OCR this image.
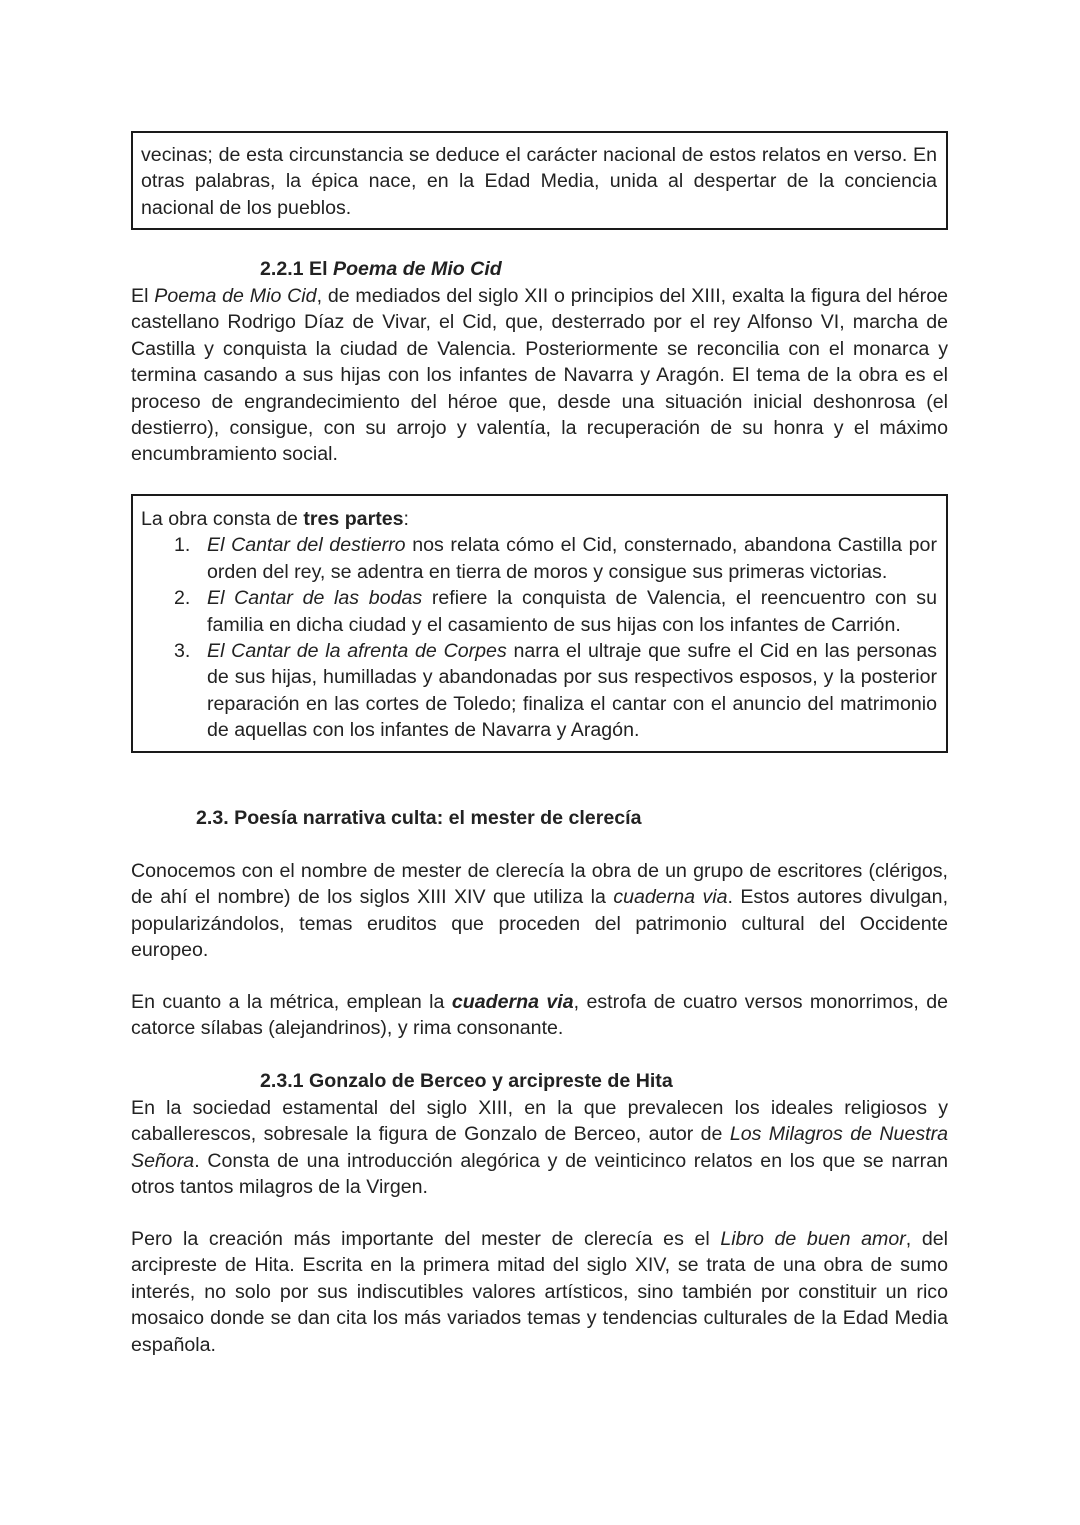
vecinas; de esta circunstancia se deduce el carácter nacional de estos relatos en verso. En otras palabras, la épica nace, en la Edad Media, unida al despertar de la conciencia nacional de los pueblos.

2.2.1 El Poema de Mio Cid

El Poema de Mio Cid, de mediados del siglo XII o principios del XIII, exalta la figura del héroe castellano Rodrigo Díaz de Vivar, el Cid, que, desterrado por el rey Alfonso VI, marcha de Castilla y conquista la ciudad de Valencia. Posteriormente se reconcilia con el monarca y termina casando a sus hijas con los infantes de Navarra y Aragón. El tema de la obra es el proceso de engrandecimiento del héroe que, desde una situación inicial deshonrosa (el destierro), consigue, con su arrojo y valentía, la recuperación de su honra y el máximo encumbramiento social.

La obra consta de tres partes:

1. El Cantar del destierro nos relata cómo el Cid, consternado, abandona Castilla por orden del rey, se adentra en tierra de moros y consigue sus primeras victorias.
2. El Cantar de las bodas refiere la conquista de Valencia, el reencuentro con su familia en dicha ciudad y el casamiento de sus hijas con los infantes de Carrión.
3. El Cantar de la afrenta de Corpes narra el ultraje que sufre el Cid en las personas de sus hijas, humilladas y abandonadas por sus respectivos esposos, y la posterior reparación en las cortes de Toledo; finaliza el cantar con el anuncio del matrimonio de aquellas con los infantes de Navarra y Aragón.
2.3. Poesía narrativa culta: el mester de clerecía

Conocemos con el nombre de mester de clerecía la obra de un grupo de escritores (clérigos, de ahí el nombre) de los siglos XIII XIV que utiliza la cuaderna via. Estos autores divulgan, popularizándolos, temas eruditos que proceden del patrimonio cultural del Occidente europeo.

En cuanto a la métrica, emplean la cuaderna via, estrofa de cuatro versos monorrimos, de catorce sílabas (alejandrinos), y rima consonante.

2.3.1 Gonzalo de Berceo y arcipreste de Hita

En la sociedad estamental del siglo XIII, en la que prevalecen los ideales religiosos y caballerescos, sobresale la figura de Gonzalo de Berceo, autor de Los Milagros de Nuestra Señora. Consta de una introducción alegórica y de veinticinco relatos en los que se narran otros tantos milagros de la Virgen.

Pero la creación más importante del mester de clerecía es el Libro de buen amor, del arcipreste de Hita. Escrita en la primera mitad del siglo XIV, se trata de una obra de sumo interés, no solo por sus indiscutibles valores artísticos, sino también por constituir un rico mosaico donde se dan cita los más variados temas y tendencias culturales de la Edad Media española.
